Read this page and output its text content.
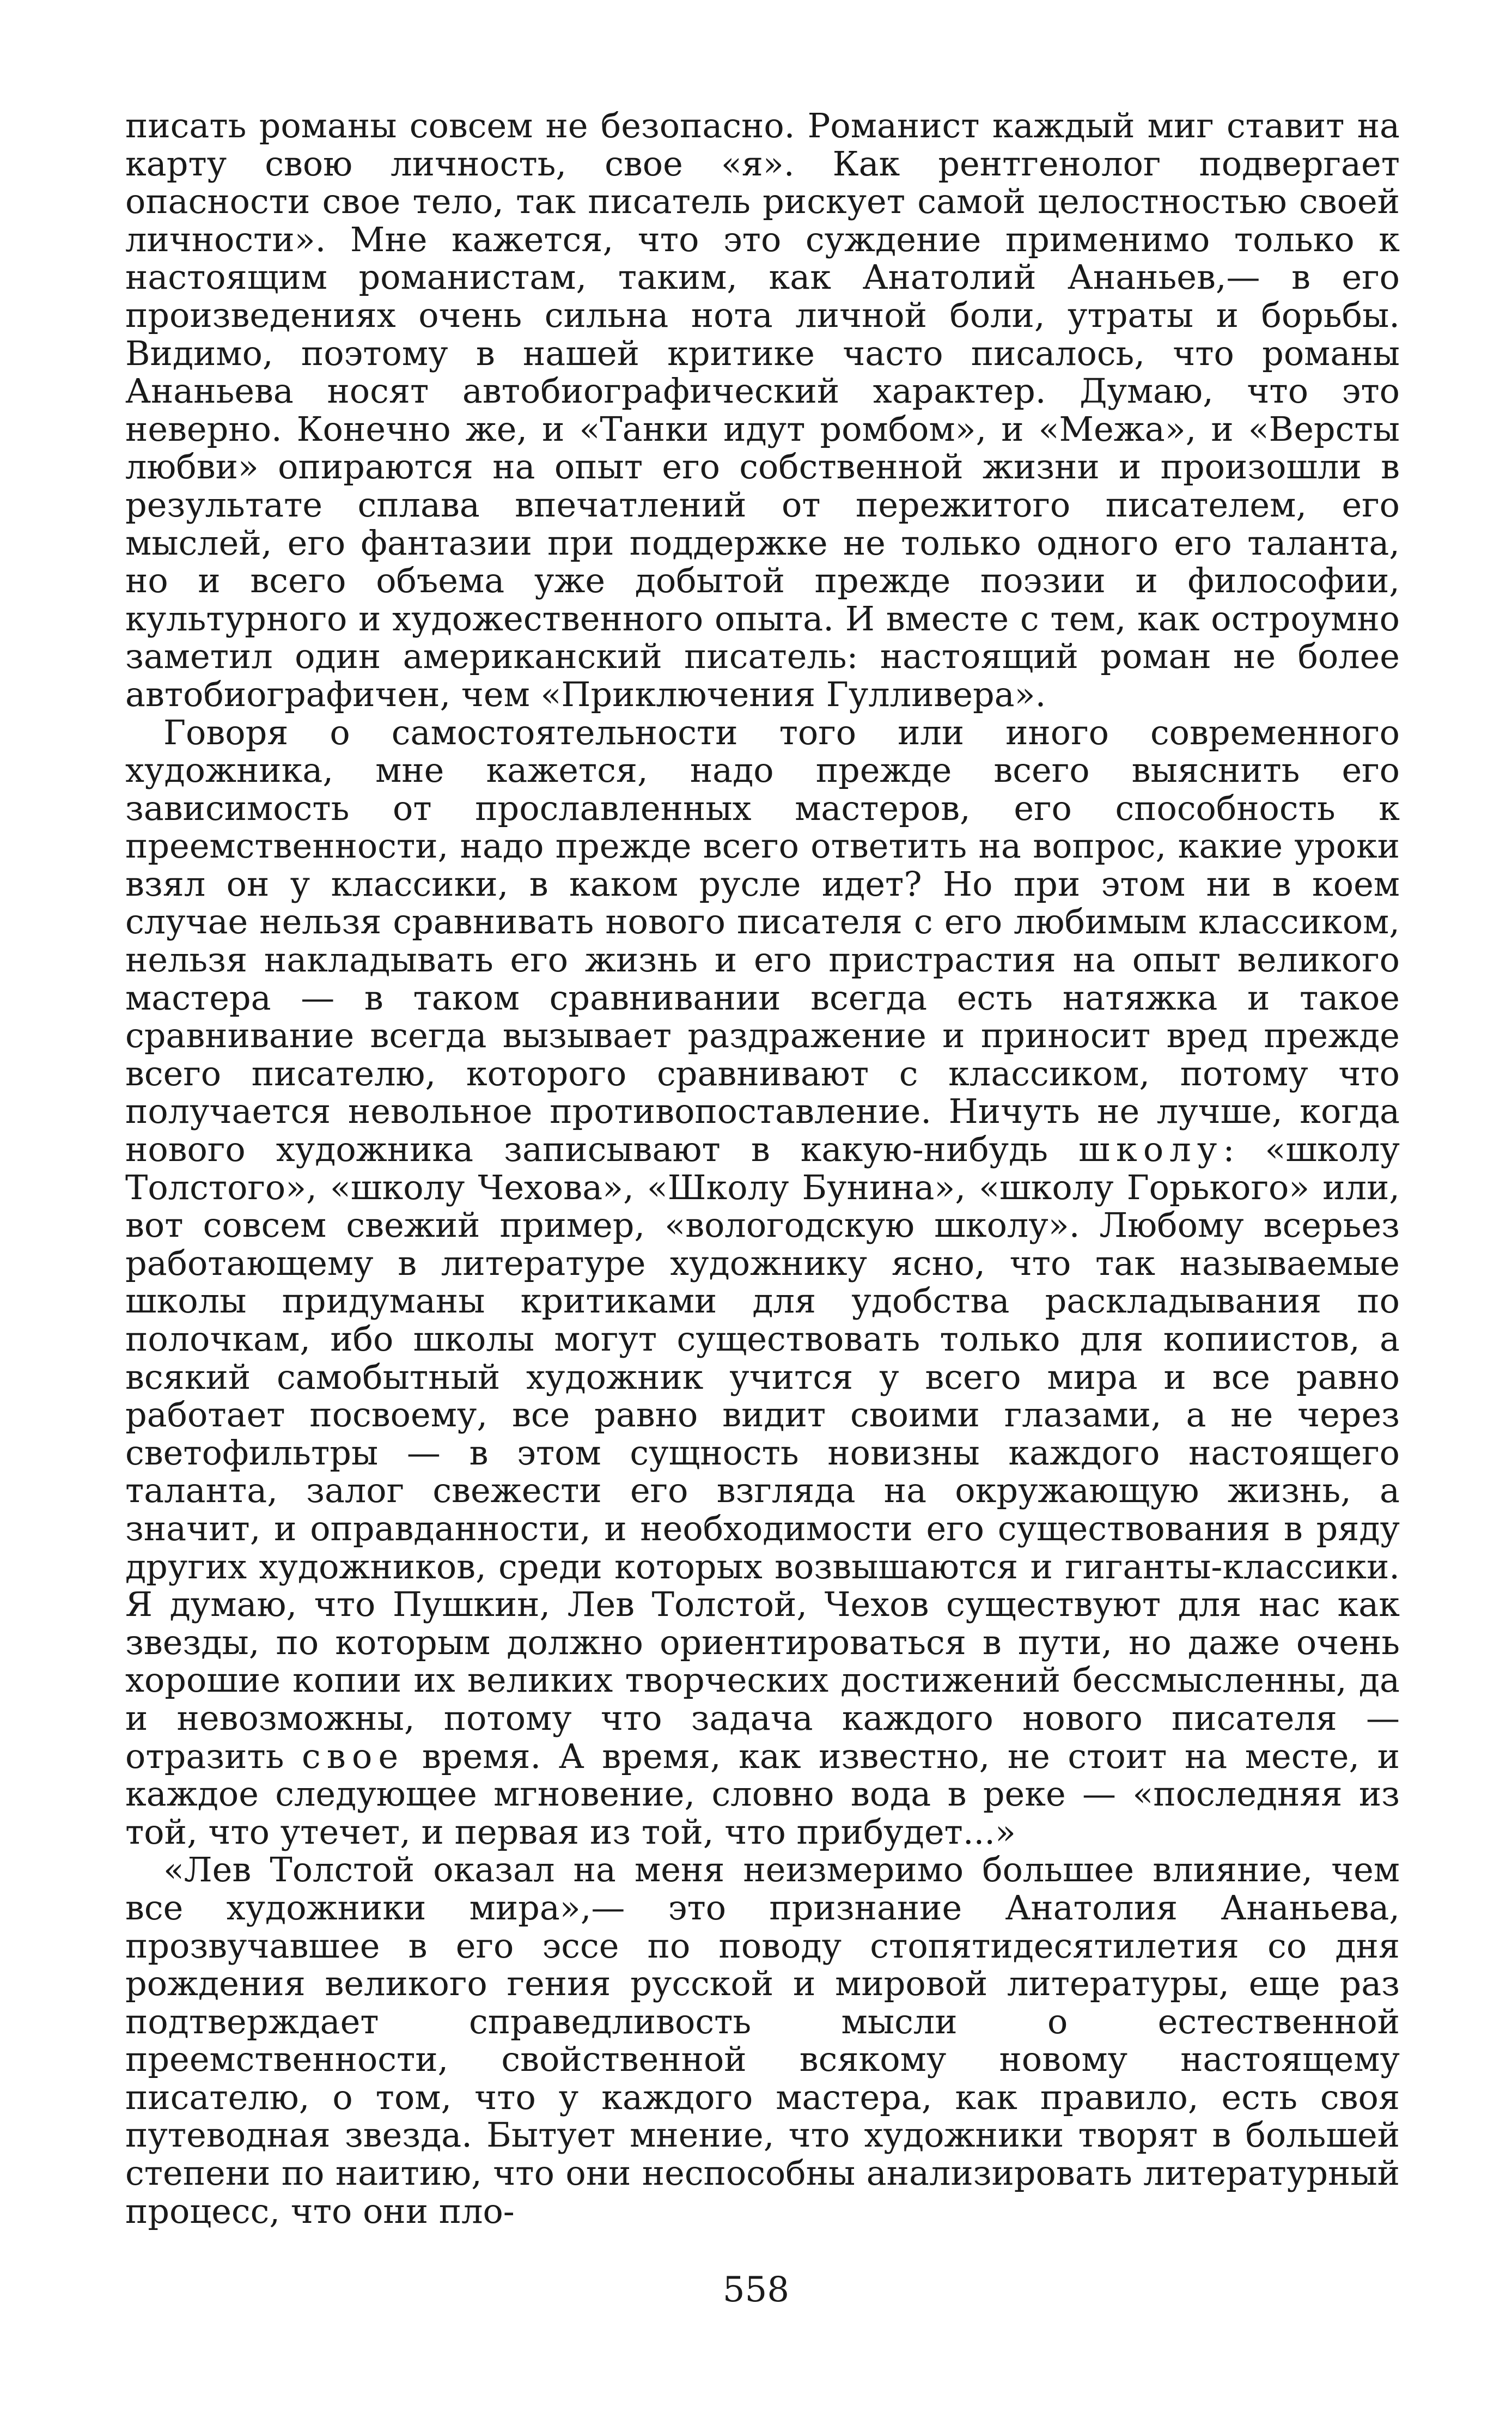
писать романы совсем не безопасно. Романист каждый миг ставит на карту свою личность, свое «я». Как рентгенолог подвергает опасности свое тело, так писатель рискует самой целостностью своей личности». Мне кажется, что это суждение применимо только к настоящим романистам, таким, как Анатолий Ананьев,— в его произведениях очень сильна нота личной боли, утраты и борьбы. Видимо, поэтому в нашей критике часто писалось, что романы Ананьева носят автобиографический характер. Думаю, что это неверно. Конечно же, и «Танки идут ромбом», и «Межа», и «Версты любви» опираются на опыт его собственной жизни и произошли в результате сплава впечатлений от пережитого писателем, его мыслей, его фантазии при поддержке не только одного его таланта, но и всего объема уже добытой прежде поэзии и философии, культурного и художественного опыта. И вместе с тем, как остроумно заметил один американский писатель: настоящий роман не более автобиографичен, чем «Приключения Гулливера».

Говоря о самостоятельности того или иного современного художника, мне кажется, надо прежде всего выяснить его зависимость от прославленных мастеров, его способность к преемственности, надо прежде всего ответить на вопрос, какие уроки взял он у классики, в каком русле идет? Но при этом ни в коем случае нельзя сравнивать нового писателя с его любимым классиком, нельзя накладывать его жизнь и его пристрастия на опыт великого мастера — в таком сравнивании всегда есть натяжка и такое сравнивание всегда вызывает раздражение и приносит вред прежде всего писателю, которого сравнивают с классиком, потому что получается невольное противопоставление. Ничуть не лучше, когда нового художника записывают в какую-нибудь школу: «школу Толстого», «школу Чехова», «Школу Бунина», «школу Горького» или, вот совсем свежий пример, «вологодскую школу». Любому всерьез работающему в литературе художнику ясно, что так называемые школы придуманы критиками для удобства раскладывания по полочкам, ибо школы могут существовать только для копиистов, а всякий самобытный художник учится у всего мира и все равно работает посвоему, все равно видит своими глазами, а не через светофильтры — в этом сущность новизны каждого настоящего таланта, залог свежести его взгляда на окружающую жизнь, а значит, и оправданности, и необходимости его существования в ряду других художников, среди которых возвышаются и гиганты-классики. Я думаю, что Пушкин, Лев Толстой, Чехов существуют для нас как звезды, по которым должно ориентироваться в пути, но даже очень хорошие копии их великих творческих достижений бессмысленны, да и невозможны, потому что задача каждого нового писателя — отразить свое время. А время, как известно, не стоит на месте, и каждое следующее мгновение, словно вода в реке — «последняя из той, что утечет, и первая из той, что прибудет...»

«Лев Толстой оказал на меня неизмеримо большее влияние, чем все художники мира»,— это признание Анатолия Ананьева, прозвучавшее в его эссе по поводу стопятидесятилетия со дня рождения великого гения русской и мировой литературы, еще раз подтверждает справедливость мысли о естественной преемственности, свойственной всякому новому настоящему писателю, о том, что у каждого мастера, как правило, есть своя путеводная звезда. Бытует мнение, что художники творят в большей степени по наитию, что они неспособны анализировать литературный процесс, что они пло-

558
